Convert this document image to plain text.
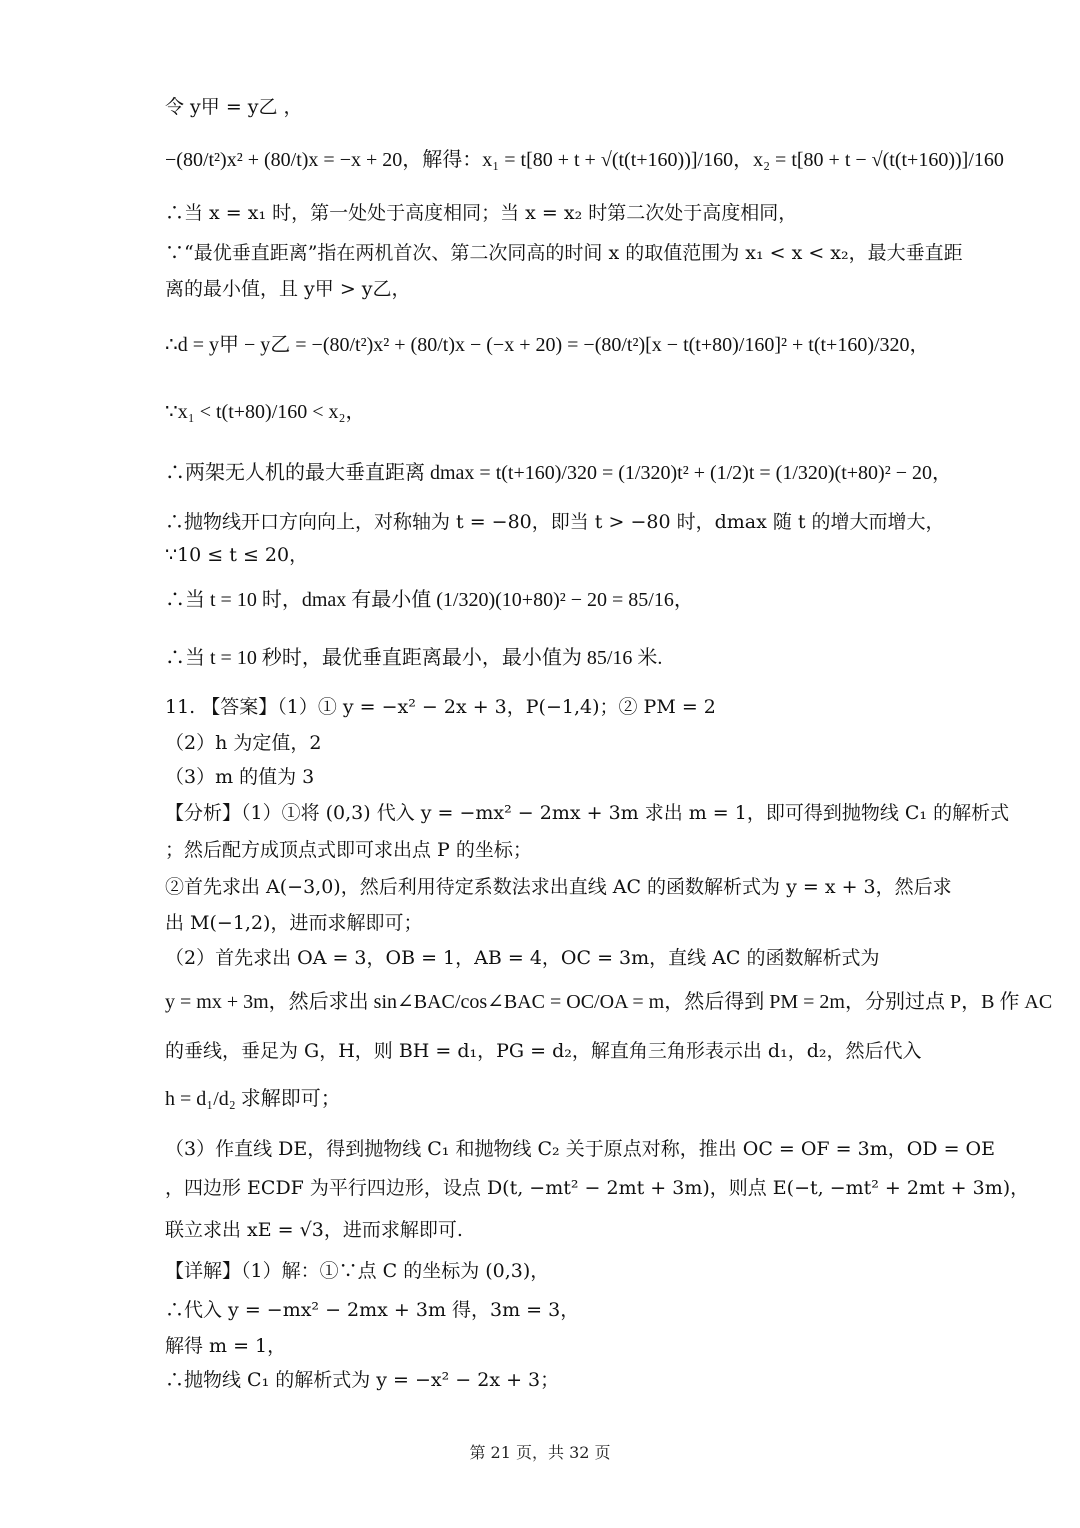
令 y甲 = y乙 ，
−(80/t²)x² + (80/t)x = −x + 20，解得：x₁ = t[80 + t + √(t(t+160))]/160，x₂ = t[80 + t − √(t(t+160))]/160
∴当 x = x₁ 时，第一处处于高度相同；当 x = x₂ 时第二次处于高度相同，
∵“最优垂直距离”指在两机首次、第二次同高的时间 x 的取值范围为 x₁ < x < x₂，最大垂直距
离的最小值，且 y甲 > y乙，
∴d = y甲 − y乙 = −(80/t²)x² + (80/t)x − (−x + 20) = −(80/t²)[x − t(t+80)/160]² + t(t+160)/320，
∵x₁ < t(t+80)/160 < x₂，
∴两架无人机的最大垂直距离 dmax = t(t+160)/320 = (1/320)t² + (1/2)t = (1/320)(t+80)² − 20，
∴抛物线开口方向向上，对称轴为 t = −80，即当 t > −80 时，dmax 随 t 的增大而增大，
∵10 ≤ t ≤ 20，
∴当 t = 10 时，dmax 有最小值 (1/320)(10+80)² − 20 = 85/16，
∴当 t = 10 秒时，最优垂直距离最小，最小值为 85/16 米.
11. 【答案】（1）① y = −x² − 2x + 3，P(−1,4)；② PM = 2
（2）h 为定值，2
（3）m 的值为 3
【分析】（1）①将 (0,3) 代入 y = −mx² − 2mx + 3m 求出 m = 1，即可得到抛物线 C₁ 的解析式
；然后配方成顶点式即可求出点 P 的坐标；
②首先求出 A(−3,0)，然后利用待定系数法求出直线 AC 的函数解析式为 y = x + 3，然后求
出 M(−1,2)，进而求解即可；
（2）首先求出 OA = 3，OB = 1，AB = 4，OC = 3m，直线 AC 的函数解析式为
y = mx + 3m，然后求出 sin∠BAC/cos∠BAC = OC/OA = m，然后得到 PM = 2m，分别过点 P，B 作 AC
的垂线，垂足为 G，H，则 BH = d₁，PG = d₂，解直角三角形表示出 d₁，d₂，然后代入
h = d₁/d₂ 求解即可；
（3）作直线 DE，得到抛物线 C₁ 和抛物线 C₂ 关于原点对称，推出 OC = OF = 3m，OD = OE
，四边形 ECDF 为平行四边形，设点 D(t, −mt² − 2mt + 3m)，则点 E(−t, −mt² + 2mt + 3m)，
联立求出 xE = √3，进而求解即可.
【详解】（1）解：①∵点 C 的坐标为 (0,3)，
∴代入 y = −mx² − 2mx + 3m 得，3m = 3，
解得 m = 1，
∴抛物线 C₁ 的解析式为 y = −x² − 2x + 3；
第 21 页，共 32 页
